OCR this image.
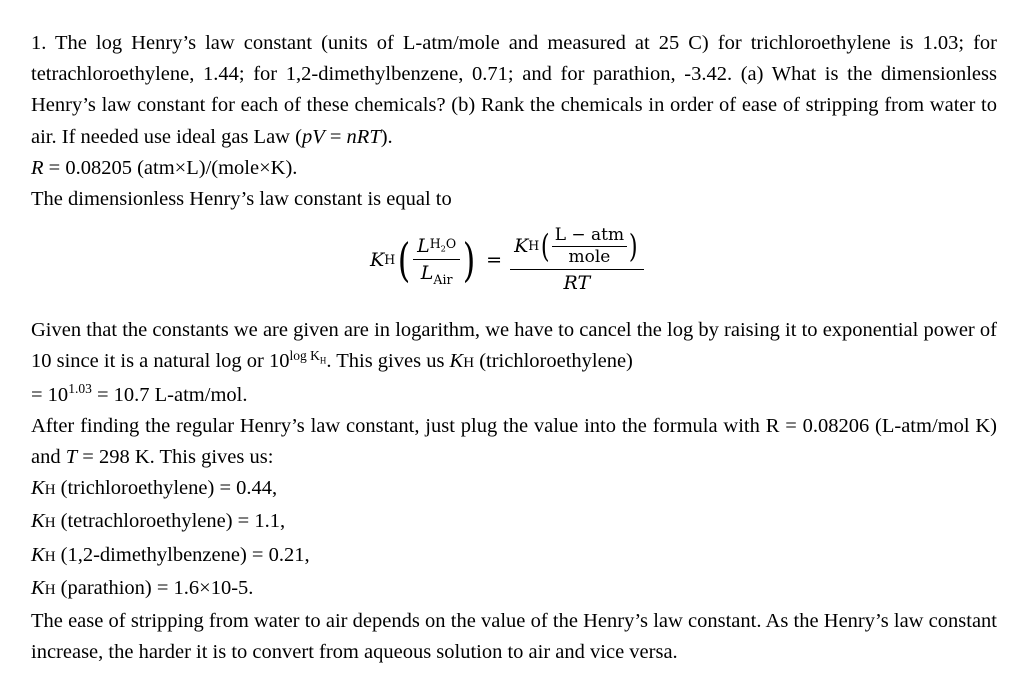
1. The log Henry’s law constant (units of L-atm/mole and measured at 25 C) for trichloroethylene is 1.03; for tetrachloroethylene, 1.44; for 1,2-dimethylbenzene, 0.71; and for parathion, -3.42. (a) What is the dimensionless Henry’s law constant for each of these chemicals? (b) Rank the chemicals in order of ease of stripping from water to air. If needed use ideal gas Law (pV = nRT).

R = 0.08205 (atm×L)/(mole×K).

The dimensionless Henry’s law constant is equal to

K H ( $\frac{L H_2O}{L_{Air}}$ ) =
K H ( $\frac{\text{L − atm}}{\text{mole}}$ )
RT

Given that the constants we are given are in logarithm, we have to cancel the log by raising it to exponential power of 10 since it is a natural log or $10^{log K_H}$. This gives us KH (trichloroethylene)

= $10^{1.03} = 10.7$ L-atm/mol.

After finding the regular Henry’s law constant, just plug the value into the formula with R = 0.08206 (L-atm/mol K) and T = 298 K. This gives us:

KH (trichloroethylene) = 0.44,

KH (tetrachloroethylene) = 1.1,

KH (1,2-dimethylbenzene) = 0.21,

KH (parathion) = 1.6×10-5.

The ease of stripping from water to air depends on the value of the Henry’s law constant. As the Henry’s law constant increase, the harder it is to convert from aqueous solution to air and vice versa.
